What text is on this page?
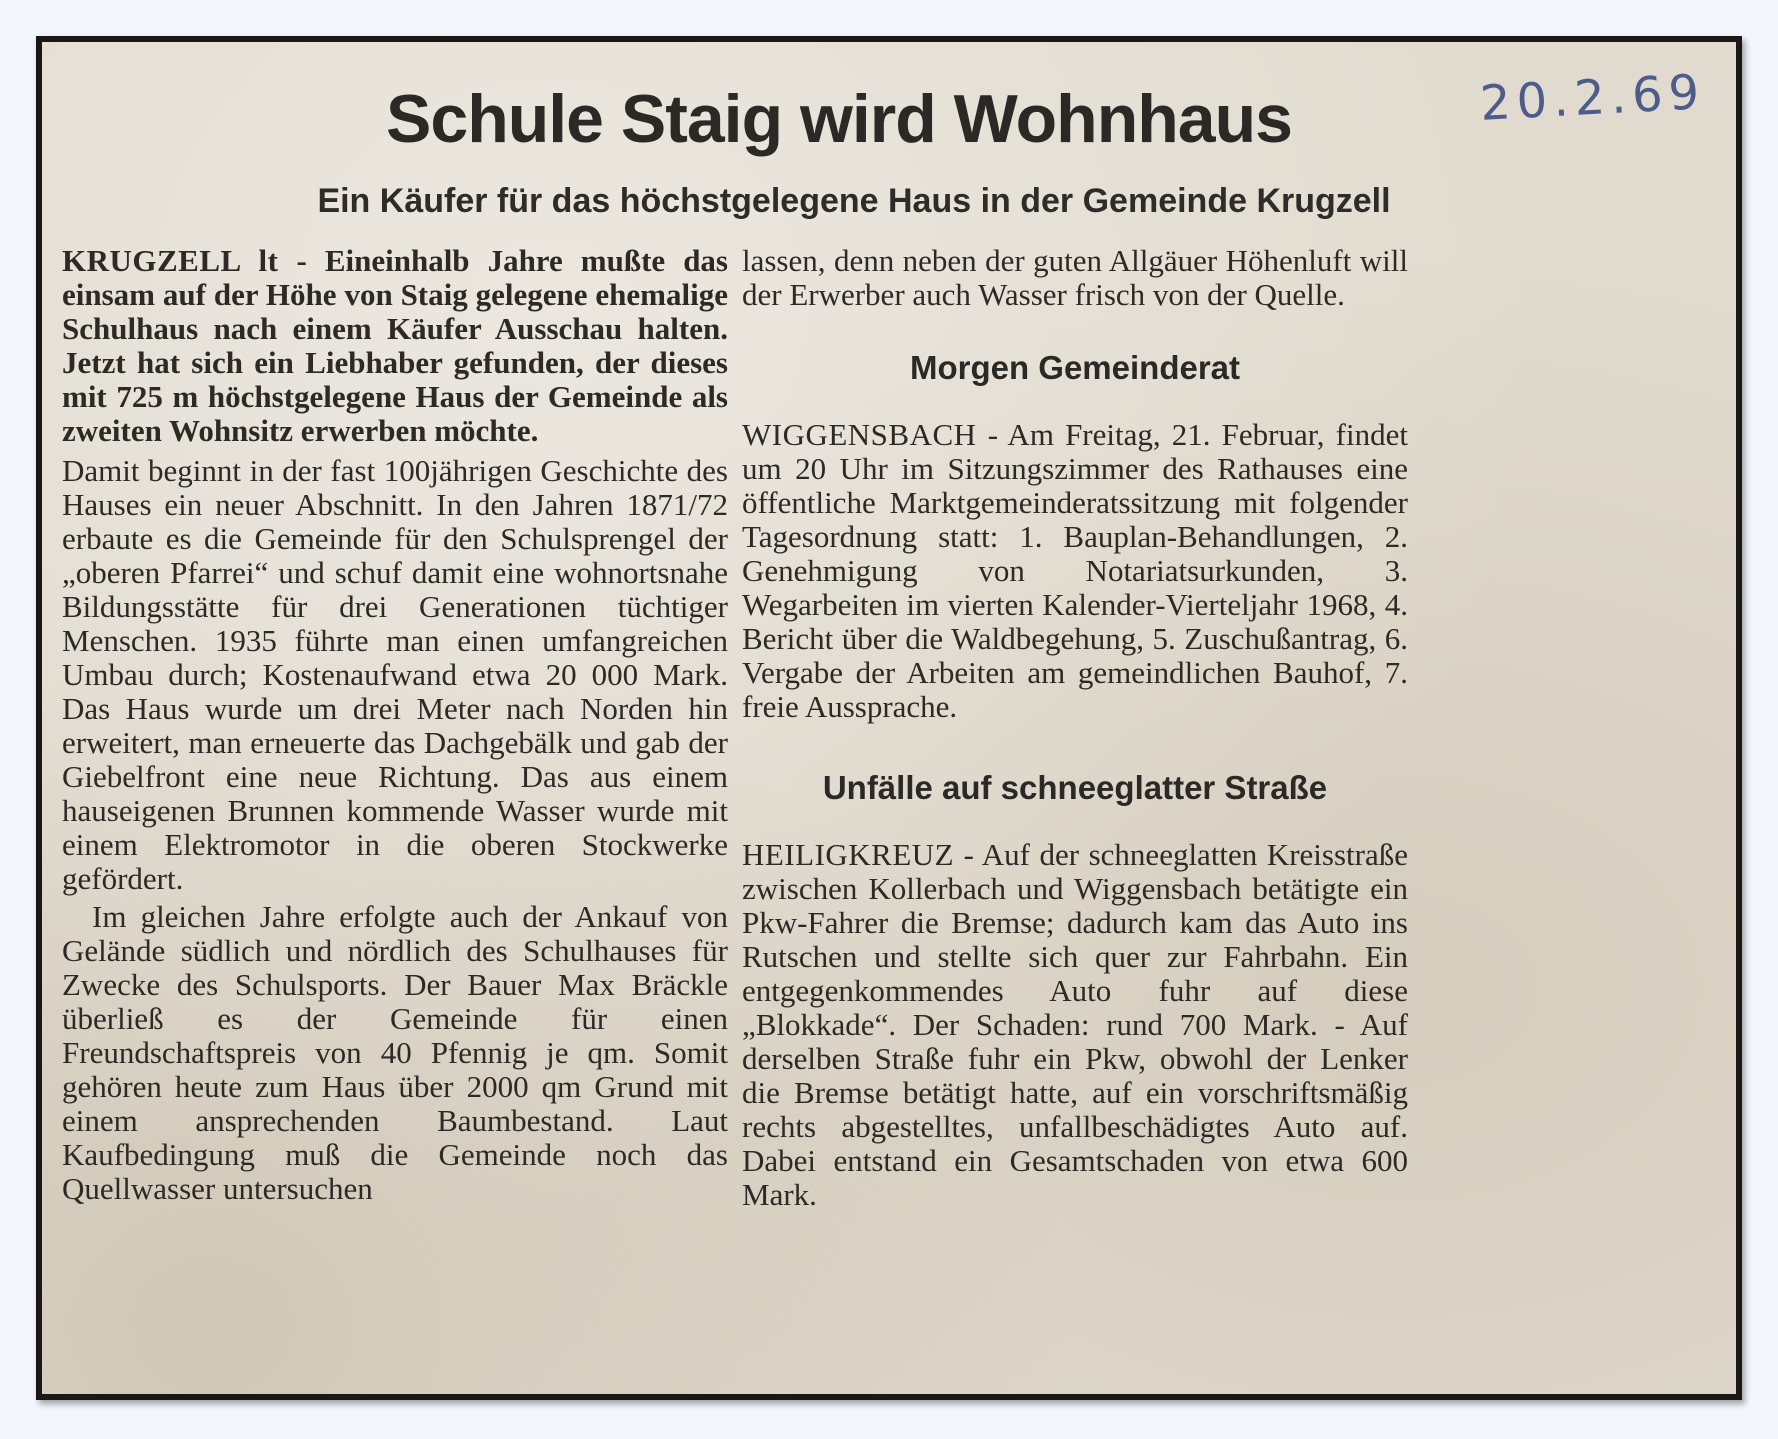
Schule Staig wird Wohnhaus	20.2.69
Ein Käufer für das höchstgelegene Haus in der Gemeinde Krugzell

KRUGZELL lt - Eineinhalb Jahre mußte das einsam auf der Höhe von Staig gelegene ehemalige Schulhaus nach einem Käufer Ausschau halten. Jetzt hat sich ein Liebhaber gefunden, der dieses mit 725 m höchstgelegene Haus der Gemeinde als zweiten Wohnsitz erwerben möchte.

Damit beginnt in der fast 100jährigen Geschichte des Hauses ein neuer Abschnitt. In den Jahren 1871/72 erbaute es die Gemeinde für den Schulsprengel der „oberen Pfarrei“ und schuf damit eine wohnortsnahe Bildungsstätte für drei Generationen tüchtiger Menschen. 1935 führte man einen umfangreichen Umbau durch; Kostenaufwand etwa 20 000 Mark. Das Haus wurde um drei Meter nach Norden hin erweitert, man erneuerte das Dachgebälk und gab der Giebelfront eine neue Richtung. Das aus einem hauseigenen Brunnen kommende Wasser wurde mit einem Elektromotor in die oberen Stockwerke gefördert.

Im gleichen Jahre erfolgte auch der Ankauf von Gelände südlich und nördlich des Schulhauses für Zwecke des Schulsports. Der Bauer Max Bräckle überließ es der Gemeinde für einen Freundschaftspreis von 40 Pfennig je qm. Somit gehören heute zum Haus über 2000 qm Grund mit einem ansprechenden Baumbestand. Laut Kaufbedingung muß die Gemeinde noch das Quellwasser untersuchen

lassen, denn neben der guten Allgäuer Höhenluft will der Erwerber auch Wasser frisch von der Quelle.

Morgen Gemeinderat

WIGGENSBACH - Am Freitag, 21. Februar, findet um 20 Uhr im Sitzungszimmer des Rathauses eine öffentliche Marktgemeinderatssitzung mit folgender Tagesordnung statt: 1. Bauplan-Behandlungen, 2. Genehmigung von Notariatsurkunden, 3. Wegarbeiten im vierten Kalender-Vierteljahr 1968, 4. Bericht über die Waldbegehung, 5. Zuschußantrag, 6. Vergabe der Arbeiten am gemeindlichen Bauhof, 7. freie Aussprache.

Unfälle auf schneeglatter Straße

HEILIGKREUZ - Auf der schneeglatten Kreisstraße zwischen Kollerbach und Wiggensbach betätigte ein Pkw-Fahrer die Bremse; dadurch kam das Auto ins Rutschen und stellte sich quer zur Fahrbahn. Ein entgegenkommendes Auto fuhr auf diese „Blokkade“. Der Schaden: rund 700 Mark. - Auf derselben Straße fuhr ein Pkw, obwohl der Lenker die Bremse betätigt hatte, auf ein vorschriftsmäßig rechts abgestelltes, unfallbeschädigtes Auto auf. Dabei entstand ein Gesamtschaden von etwa 600 Mark.
